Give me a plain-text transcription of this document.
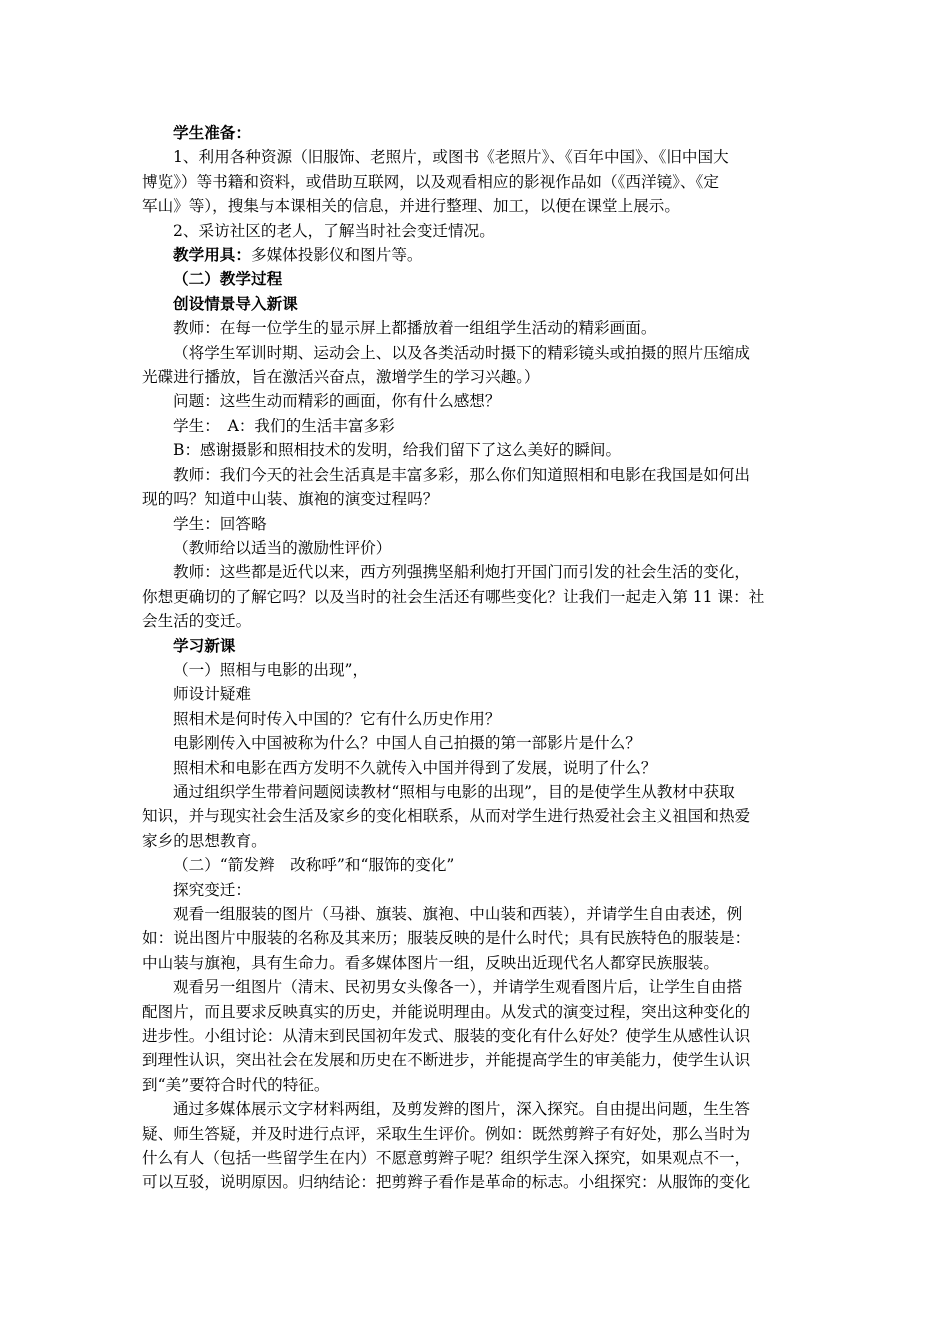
学生准备：

1、利用各种资源（旧服饰、老照片，或图书《老照片》、《百年中国》、《旧中国大

博览》）等书籍和资料，或借助互联网，以及观看相应的影视作品如（《西洋镜》、《定

军山》等），搜集与本课相关的信息，并进行整理、加工，以便在课堂上展示。

2、采访社区的老人，了解当时社会变迁情况。

教学用具：多媒体投影仪和图片等。

（二）教学过程

创设情景导入新课

教师：在每一位学生的显示屏上都播放着一组组学生活动的精彩画面。

（将学生军训时期、运动会上、以及各类活动时摄下的精彩镜头或拍摄的照片压缩成

光碟进行播放，旨在激活兴奋点，激增学生的学习兴趣。）

问题：这些生动而精彩的画面，你有什么感想？

学生：　A：我们的生活丰富多彩

B：感谢摄影和照相技术的发明，给我们留下了这么美好的瞬间。

教师：我们今天的社会生活真是丰富多彩，那么你们知道照相和电影在我国是如何出

现的吗？知道中山装、旗袍的演变过程吗？

学生：回答略

（教师给以适当的激励性评价）

教师：这些都是近代以来，西方列强携坚船利炮打开国门而引发的社会生活的变化，

你想更确切的了解它吗？以及当时的社会生活还有哪些变化？让我们一起走入第 11 课：社

会生活的变迁。

学习新课

（一）照相与电影的出现”，

师设计疑难

照相术是何时传入中国的？它有什么历史作用？

电影刚传入中国被称为什么？中国人自己拍摄的第一部影片是什么？

照相术和电影在西方发明不久就传入中国并得到了发展，说明了什么？

通过组织学生带着问题阅读教材“照相与电影的出现”，目的是使学生从教材中获取

知识，并与现实社会生活及家乡的变化相联系，从而对学生进行热爱社会主义祖国和热爱

家乡的思想教育。

（二）“箭发辫　改称呼”和“服饰的变化”

探究变迁：

观看一组服装的图片（马褂、旗装、旗袍、中山装和西装），并请学生自由表述，例

如：说出图片中服装的名称及其来历；服装反映的是什么时代；具有民族特色的服装是：

中山装与旗袍，具有生命力。看多媒体图片一组，反映出近现代名人都穿民族服装。

观看另一组图片（清末、民初男女头像各一），并请学生观看图片后，让学生自由搭

配图片，而且要求反映真实的历史，并能说明理由。从发式的演变过程，突出这种变化的

进步性。小组讨论：从清末到民国初年发式、服装的变化有什么好处？使学生从感性认识

到理性认识，突出社会在发展和历史在不断进步，并能提高学生的审美能力，使学生认识

到“美”要符合时代的特征。

通过多媒体展示文字材料两组，及剪发辫的图片，深入探究。自由提出问题，生生答

疑、师生答疑，并及时进行点评，采取生生评价。例如：既然剪辫子有好处，那么当时为

什么有人（包括一些留学生在内）不愿意剪辫子呢？组织学生深入探究，如果观点不一，

可以互驳，说明原因。归纳结论：把剪辫子看作是革命的标志。小组探究：从服饰的变化
